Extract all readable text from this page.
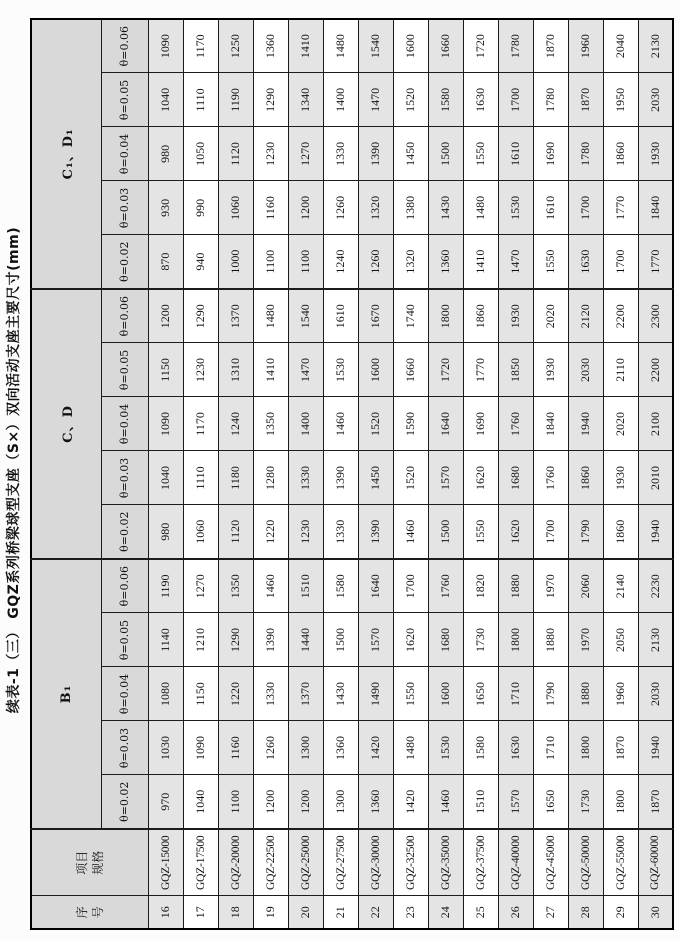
续表-1（三） GQZ系列桥梁球型支座（S×）双向活动支座主要尺寸(mm)
序号	项目规格	B₁					C、D					C₁、D₁				
		θ=0.02	θ=0.03	θ=0.04	θ=0.05	θ=0.06	θ=0.02	θ=0.03	θ=0.04	θ=0.05	θ=0.06	θ=0.02	θ=0.03	θ=0.04	θ=0.05	θ=0.06
16	GQZ-15000	970	1030	1080	1140	1190	980	1040	1090	1150	1200	870	930	980	1040	1090
17	GQZ-17500	1040	1090	1150	1210	1270	1060	1110	1170	1230	1290	940	990	1050	1110	1170
18	GQZ-20000	1100	1160	1220	1290	1350	1120	1180	1240	1310	1370	1000	1060	1120	1190	1250
19	GQZ-22500	1200	1260	1330	1390	1460	1220	1280	1350	1410	1480	1100	1160	1230	1290	1360
20	GQZ-25000	1200	1300	1370	1440	1510	1230	1330	1400	1470	1540	1100	1200	1270	1340	1410
21	GQZ-27500	1300	1360	1430	1500	1580	1330	1390	1460	1530	1610	1240	1260	1330	1400	1480
22	GQZ-30000	1360	1420	1490	1570	1640	1390	1450	1520	1600	1670	1260	1320	1390	1470	1540
23	GQZ-32500	1420	1480	1550	1620	1700	1460	1520	1590	1660	1740	1320	1380	1450	1520	1600
24	GQZ-35000	1460	1530	1600	1680	1760	1500	1570	1640	1720	1800	1360	1430	1500	1580	1660
25	GQZ-37500	1510	1580	1650	1730	1820	1550	1620	1690	1770	1860	1410	1480	1550	1630	1720
26	GQZ-40000	1570	1630	1710	1800	1880	1620	1680	1760	1850	1930	1470	1530	1610	1700	1780
27	GQZ-45000	1650	1710	1790	1880	1970	1700	1760	1840	1930	2020	1550	1610	1690	1780	1870
28	GQZ-50000	1730	1800	1880	1970	2060	1790	1860	1940	2030	2120	1630	1700	1780	1870	1960
29	GQZ-55000	1800	1870	1960	2050	2140	1860	1930	2020	2110	2200	1700	1770	1860	1950	2040
30	GQZ-60000	1870	1940	2030	2130	2230	1940	2010	2100	2200	2300	1770	1840	1930	2030	2130
